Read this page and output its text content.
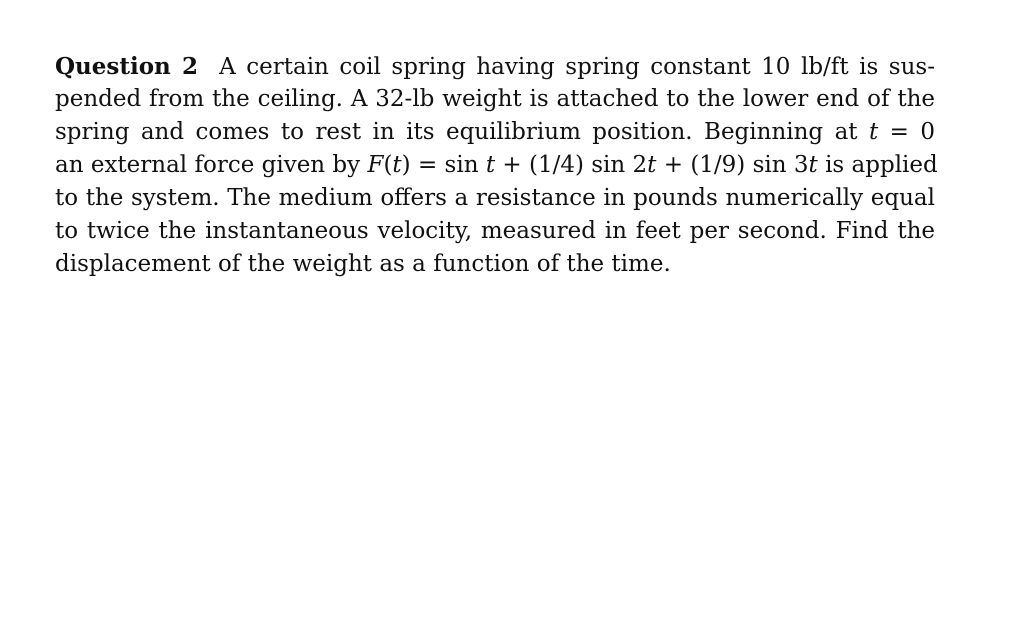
Question 2 A certain coil spring having spring constant 10 lb/ft is sus-
pended from the ceiling. A 32-lb weight is attached to the lower end of the
spring and comes to rest in its equilibrium position. Beginning at t = 0
an external force given by F(t) = sin t + (1/4) sin 2t + (1/9) sin 3t is applied
to the system. The medium offers a resistance in pounds numerically equal
to twice the instantaneous velocity, measured in feet per second. Find the
displacement of the weight as a function of the time.
